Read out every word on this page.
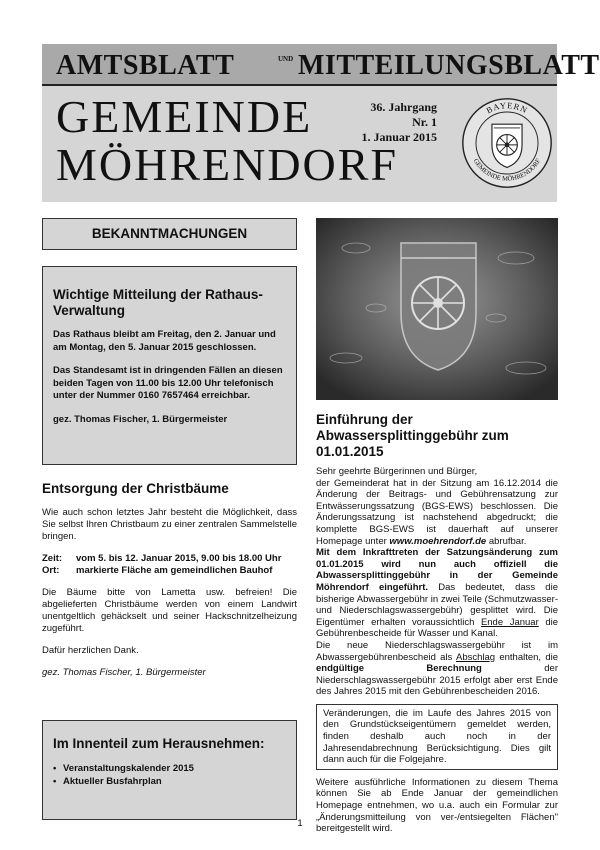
AMTSBLATT	UND MITTEILUNGSBLATT
GEMEINDE
MÖHRENDORF
36. Jahrgang
Nr. 1
1. Januar 2015
BAYERN
GEMEINDE MÖHRENDORF
BEKANNTMACHUNGEN
Wichtige Mitteilung der Rathaus-Verwaltung

Das Rathaus bleibt am Freitag, den 2. Januar und am Montag, den 5. Januar 2015 geschlossen.

Das Standesamt ist in dringenden Fällen an diesen beiden Tagen von 11.00 bis 12.00 Uhr telefonisch unter der Nummer 0160 7657464 erreichbar.

gez. Thomas Fischer, 1. Bürgermeister

Entsorgung der Christbäume

Wie auch schon letztes Jahr besteht die Möglichkeit, dass Sie selbst Ihren Christbaum zu einer zentralen Sammelstelle bringen.

Zeit:	vom 5. bis 12. Januar 2015, 9.00 bis 18.00 Uhr
Ort:	markierte Fläche am gemeindlichen Bauhof

Die Bäume bitte von Lametta usw. befreien! Die abgelieferten Christbäume werden von einem Landwirt unentgeltlich gehäckselt und seiner Hackschnitzelheizung zugeführt.

Dafür herzlichen Dank.

gez. Thomas Fischer, 1. Bürgermeister

Im Innenteil zum Herausnehmen:
• Veranstaltungskalender 2015
• Aktueller Busfahrplan
Einführung der Abwassersplittinggebühr zum 01.01.2015

Sehr geehrte Bürgerinnen und Bürger,

der Gemeinderat hat in der Sitzung am 16.12.2014 die Änderung der Beitrags- und Gebührensatzung zur Entwässerungssatzung (BGS-EWS) beschlossen. Die Änderungssatzung ist nachstehend abgedruckt; die komplette BGS-EWS ist dauerhaft auf unserer Homepage unter www.moehrendorf.de abrufbar.

Mit dem Inkrafttreten der Satzungsänderung zum 01.01.2015 wird nun auch offiziell die Abwassersplittinggebühr in der Gemeinde Möhrendorf eingeführt. Das bedeutet, dass die bisherige Abwassergebühr in zwei Teile (Schmutzwasser- und Niederschlagswassergebühr) gesplittet wird. Die Eigentümer erhalten voraussichtlich Ende Januar die Gebührenbescheide für Wasser und Kanal.

Die neue Niederschlagswassergebühr ist im Abwassergebührenbescheid als Abschlag enthalten, die endgültige Berechnung der Niederschlagswassergebühr 2015 erfolgt aber erst Ende des Jahres 2015 mit den Gebührenbescheiden 2016.

Veränderungen, die im Laufe des Jahres 2015 von den Grundstückseigentümern gemeldet werden, finden deshalb auch noch in der Jahresendabrechnung Berücksichtigung. Dies gilt dann auch für die Folgejahre.

Weitere ausführliche Informationen zu diesem Thema können Sie ab Ende Januar der gemeindlichen Homepage entnehmen, wo u.a. auch ein Formular zur „Änderungsmitteilung von ver-/entsiegelten Flächen" bereitgestellt wird.

1
